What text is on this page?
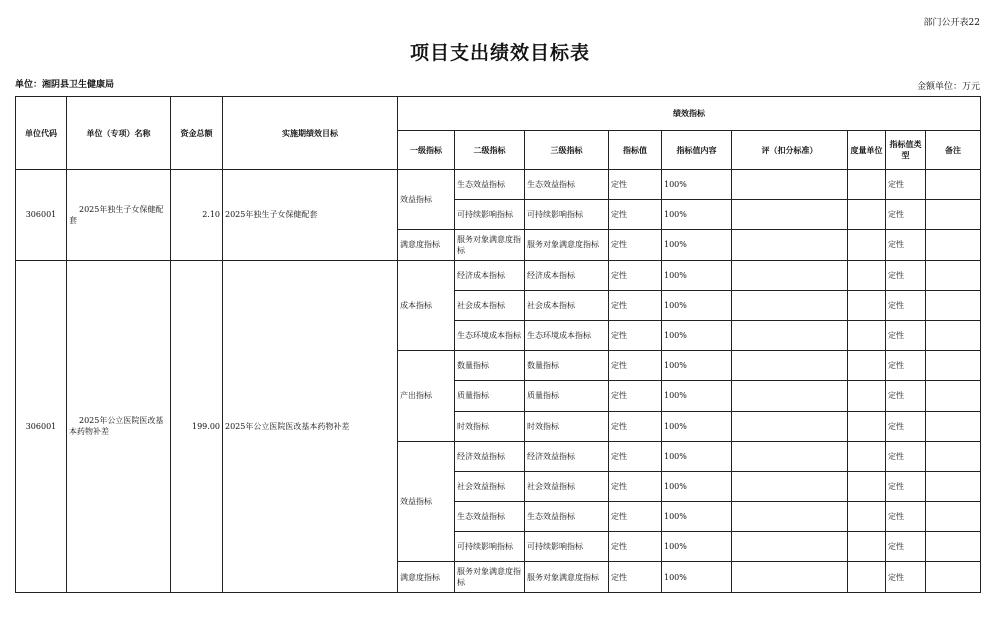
部门公开表22
项目支出绩效目标表
单位：湘阴县卫生健康局	金额单位：万元
单位代码	单位（专项）名称	资金总额	实施期绩效目标	绩效指标								
				一级指标	二级指标	三级指标	指标值	指标值内容	评（扣分标准）	度量单位	指标值类型	备注
306001	2025年独生子女保健配套	2.10	2025年独生子女保健配套	效益指标	生态效益指标	生态效益指标	定性	100%			定性	
					可持续影响指标	可持续影响指标	定性	100%			定性	
				满意度指标	服务对象满意度指标	服务对象满意度指标	定性	100%			定性	
306001	2025年公立医院医改基本药物补差	199.00	2025年公立医院医改基本药物补差	成本指标	经济成本指标	经济成本指标	定性	100%			定性	
					社会成本指标	社会成本指标	定性	100%			定性	
					生态环境成本指标	生态环境成本指标	定性	100%			定性	
				产出指标	数量指标	数量指标	定性	100%			定性	
					质量指标	质量指标	定性	100%			定性	
					时效指标	时效指标	定性	100%			定性	
				效益指标	经济效益指标	经济效益指标	定性	100%			定性	
					社会效益指标	社会效益指标	定性	100%			定性	
					生态效益指标	生态效益指标	定性	100%			定性	
					可持续影响指标	可持续影响指标	定性	100%			定性	
				满意度指标	服务对象满意度指标	服务对象满意度指标	定性	100%			定性	
